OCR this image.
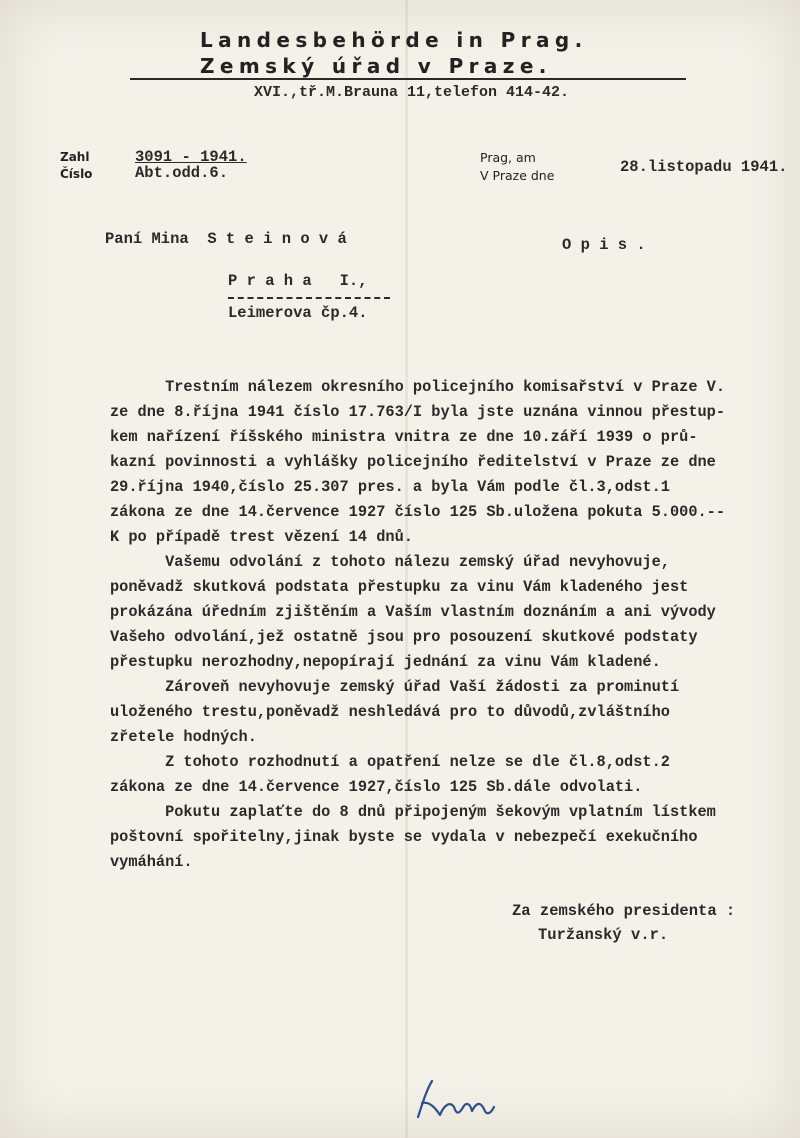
Landesbehörde in Prag.
Zemský úřad v Praze.
XVI.,tř.M.Brauna 11,telefon 414-42.
Zahl
Číslo
3091 - 1941.
Abt.odd.6.
Prag, am
V Praze dne	28.listopadu 1941.
Paní Mina  S t e i n o v á	O p i s .
P r a h a   I.,
Leimerova čp.4.
Trestním nálezem okresního policejního komisařství v Praze V.
ze dne 8.října 1941 číslo 17.763/I byla jste uznána vinnou přestup-
kem nařízení říšského ministra vnitra ze dne 10.září 1939 o prů-
kazní povinnosti a vyhlášky policejního ředitelství v Praze ze dne
29.října 1940,číslo 25.307 pres. a byla Vám podle čl.3,odst.1
zákona ze dne 14.července 1927 číslo 125 Sb.uložena pokuta 5.000.--
K po případě trest vězení 14 dnů.
Vašemu odvolání z tohoto nálezu zemský úřad nevyhovuje,
poněvadž skutková podstata přestupku za vinu Vám kladeného jest
prokázána úředním zjištěním a Vaším vlastním doznáním a ani vývody
Vašeho odvolání,jež ostatně jsou pro posouzení skutkové podstaty
přestupku nerozhodny,nepopírají jednání za vinu Vám kladené.
Zároveň nevyhovuje zemský úřad Vaší žádosti za prominutí
uloženého trestu,poněvadž neshledává pro to důvodů,zvláštního
zřetele hodných.
Z tohoto rozhodnutí a opatření nelze se dle čl.8,odst.2
zákona ze dne 14.července 1927,číslo 125 Sb.dále odvolati.
Pokutu zaplaťte do 8 dnů připojeným šekovým vplatním lístkem
poštovní spořitelny,jinak byste se vydala v nebezpečí exekučního
vymáhání.
Za zemského presidenta :
Turžanský v.r.
